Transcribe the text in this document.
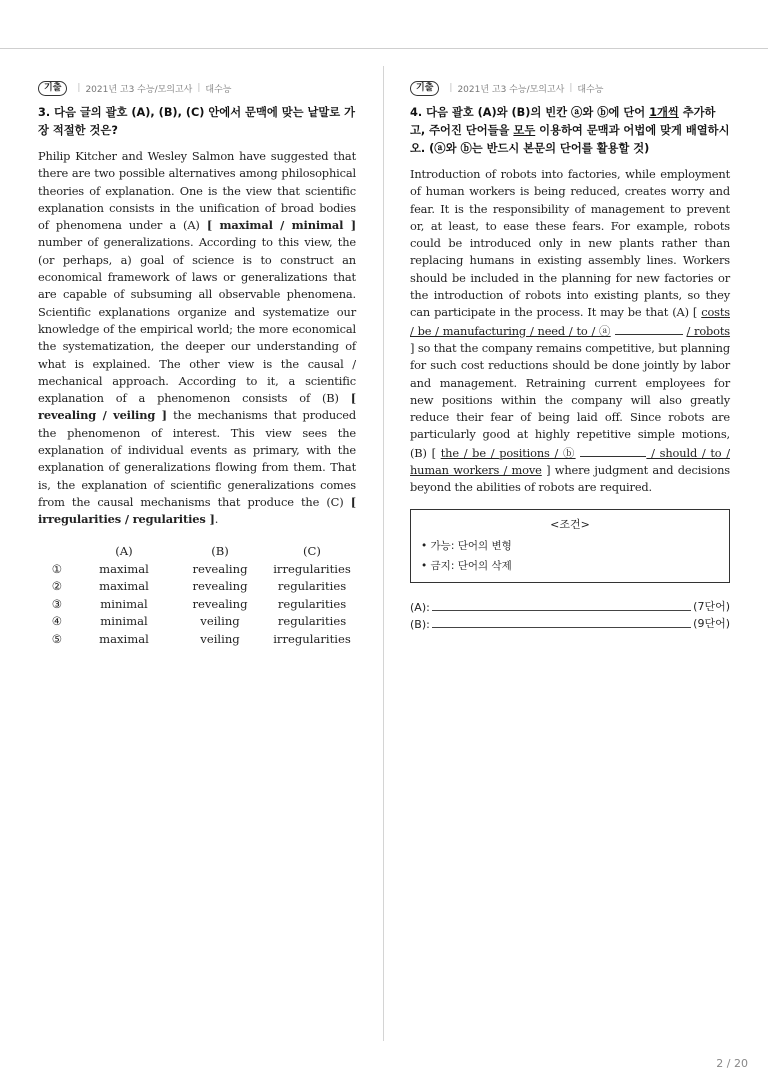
기출	| 2021년 고3 수능/모의고사 | 대수능
3. 다음 글의 괄호 (A), (B), (C) 안에서 문맥에 맞는 낱말로 가장 적절한 것은?
Philip Kitcher and Wesley Salmon have suggested that there are two possible alternatives among philosophical theories of explanation. One is the view that scientific explanation consists in the unification of broad bodies of phenomena under a (A) [ maximal / minimal ] number of generalizations. According to this view, the (or perhaps, a) goal of science is to construct an economical framework of laws or generalizations that are capable of subsuming all observable phenomena. Scientific explanations organize and systematize our knowledge of the empirical world; the more economical the systematization, the deeper our understanding of what is explained. The other view is the causal / mechanical approach. According to it, a scientific explanation of a phenomenon consists of (B) [ revealing / veiling ] the mechanisms that produced the phenomenon of interest. This view sees the explanation of individual events as primary, with the explanation of generalizations flowing from them. That is, the explanation of scientific generalizations comes from the causal mechanisms that produce the (C) [ irregularities / regularities ].
	(A)	(B)	(C)
①	maximal	revealing	irregularities
②	maximal	revealing	regularities
③	minimal	revealing	regularities
④	minimal	veiling	regularities
⑤	maximal	veiling	irregularities
기출	| 2021년 고3 수능/모의고사 | 대수능
4. 다음 괄호 (A)와 (B)의 빈칸 ⓐ와 ⓑ에 단어 1개씩 추가하고, 주어진 단어들을 모두 이용하여 문맥과 어법에 맞게 배열하시오. (ⓐ와 ⓑ는 반드시 본문의 단어를 활용할 것)
Introduction of robots into factories, while employment of human workers is being reduced, creates worry and fear. It is the responsibility of management to prevent or, at least, to ease these fears. For example, robots could be introduced only in new plants rather than replacing humans in existing assembly lines. Workers should be included in the planning for new factories or the introduction of robots into existing plants, so they can participate in the process. It may be that (A) [ costs / be / manufacturing / need / to / ⓐ	/ robots ] so that the company remains competitive, but planning for such cost reductions should be done jointly by labor and management. Retraining current employees for new positions within the company will also greatly reduce their fear of being laid off. Since robots are particularly good at highly repetitive simple motions, (B) [ the / be / positions / ⓑ	/ should / to / human workers / move ] where judgment and decisions beyond the abilities of robots are required.
<조건>
• 가능: 단어의 변형
• 금지: 단어의 삭제
(A):	(7단어)
(B):	(9단어)
2 / 20
